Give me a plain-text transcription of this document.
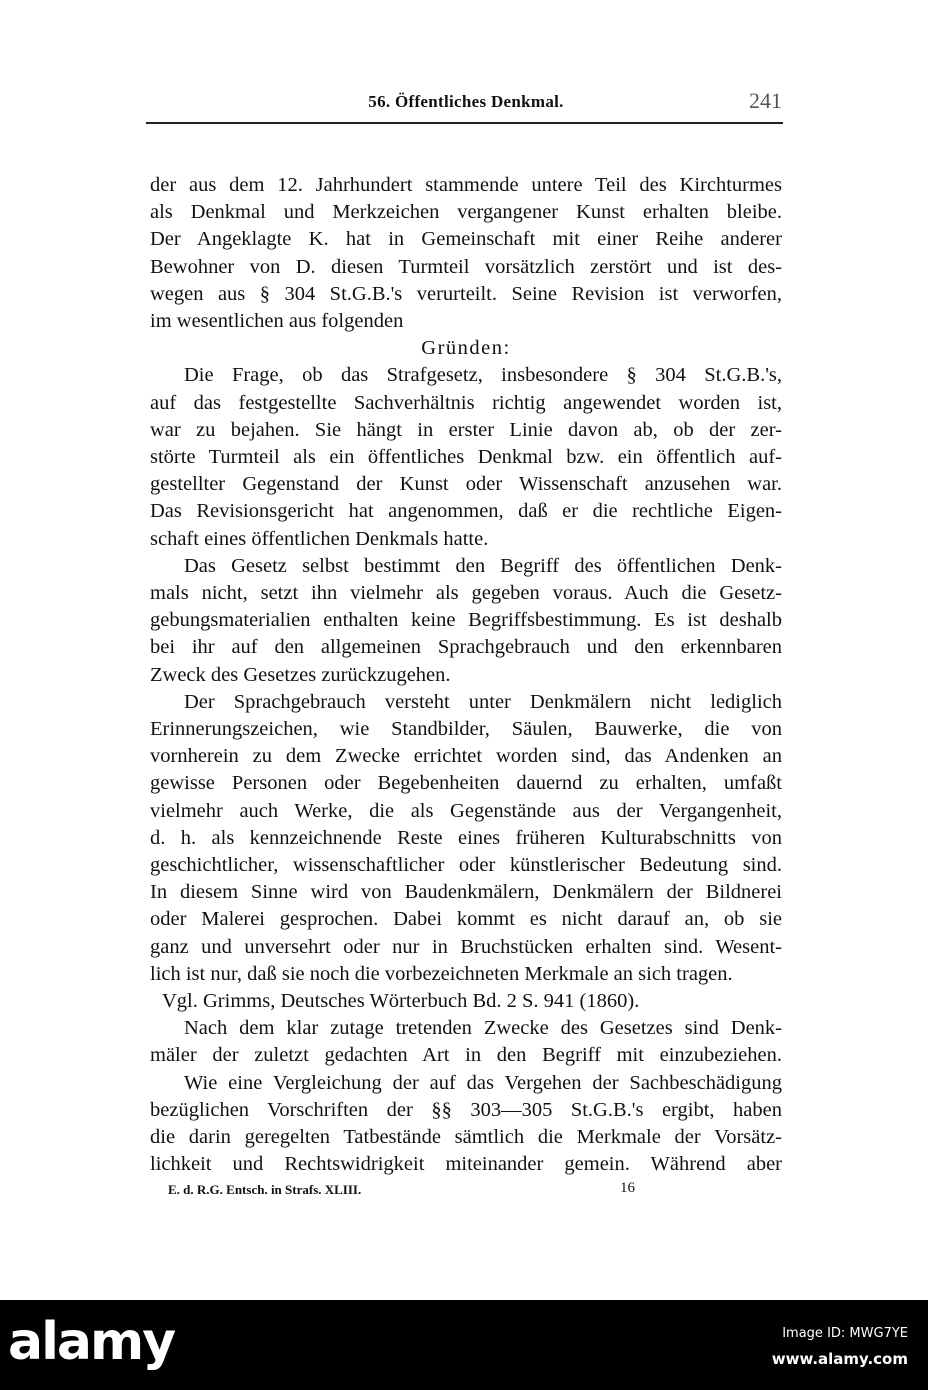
56. Öffentliches Denkmal.	241
der aus dem 12. Jahrhundert stammende untere Teil des Kirchturmes
als Denkmal und Merkzeichen vergangener Kunst erhalten bleibe.
Der Angeklagte K. hat in Gemeinschaft mit einer Reihe anderer
Bewohner von D. diesen Turmteil vorsätzlich zerstört und ist des-
wegen aus § 304 St.G.B.'s verurteilt. Seine Revision ist verworfen,
im wesentlichen aus folgenden
Gründen:
Die Frage, ob das Strafgesetz, insbesondere § 304 St.G.B.'s,
auf das festgestellte Sachverhältnis richtig angewendet worden ist,
war zu bejahen. Sie hängt in erster Linie davon ab, ob der zer-
störte Turmteil als ein öffentliches Denkmal bzw. ein öffentlich auf-
gestellter Gegenstand der Kunst oder Wissenschaft anzusehen war.
Das Revisionsgericht hat angenommen, daß er die rechtliche Eigen-
schaft eines öffentlichen Denkmals hatte.
Das Gesetz selbst bestimmt den Begriff des öffentlichen Denk-
mals nicht, setzt ihn vielmehr als gegeben voraus. Auch die Gesetz-
gebungsmaterialien enthalten keine Begriffsbestimmung. Es ist deshalb
bei ihr auf den allgemeinen Sprachgebrauch und den erkennbaren
Zweck des Gesetzes zurückzugehen.
Der Sprachgebrauch versteht unter Denkmälern nicht lediglich
Erinnerungszeichen, wie Standbilder, Säulen, Bauwerke, die von
vornherein zu dem Zwecke errichtet worden sind, das Andenken an
gewisse Personen oder Begebenheiten dauernd zu erhalten, umfaßt
vielmehr auch Werke, die als Gegenstände aus der Vergangenheit,
d. h. als kennzeichnende Reste eines früheren Kulturabschnitts von
geschichtlicher, wissenschaftlicher oder künstlerischer Bedeutung sind.
In diesem Sinne wird von Baudenkmälern, Denkmälern der Bildnerei
oder Malerei gesprochen. Dabei kommt es nicht darauf an, ob sie
ganz und unversehrt oder nur in Bruchstücken erhalten sind. Wesent-
lich ist nur, daß sie noch die vorbezeichneten Merkmale an sich tragen.
Vgl. Grimms, Deutsches Wörterbuch Bd. 2 S. 941 (1860).
Nach dem klar zutage tretenden Zwecke des Gesetzes sind Denk-
mäler der zuletzt gedachten Art in den Begriff mit einzubeziehen.
Wie eine Vergleichung der auf das Vergehen der Sachbeschädigung
bezüglichen Vorschriften der §§ 303—305 St.G.B.'s ergibt, haben
die darin geregelten Tatbestände sämtlich die Merkmale der Vorsätz-
lichkeit und Rechtswidrigkeit miteinander gemein. Während aber
E. d. R.G. Entsch. in Strafs. XLIII.	16
alamy	Image ID: MWG7YE
www.alamy.com
